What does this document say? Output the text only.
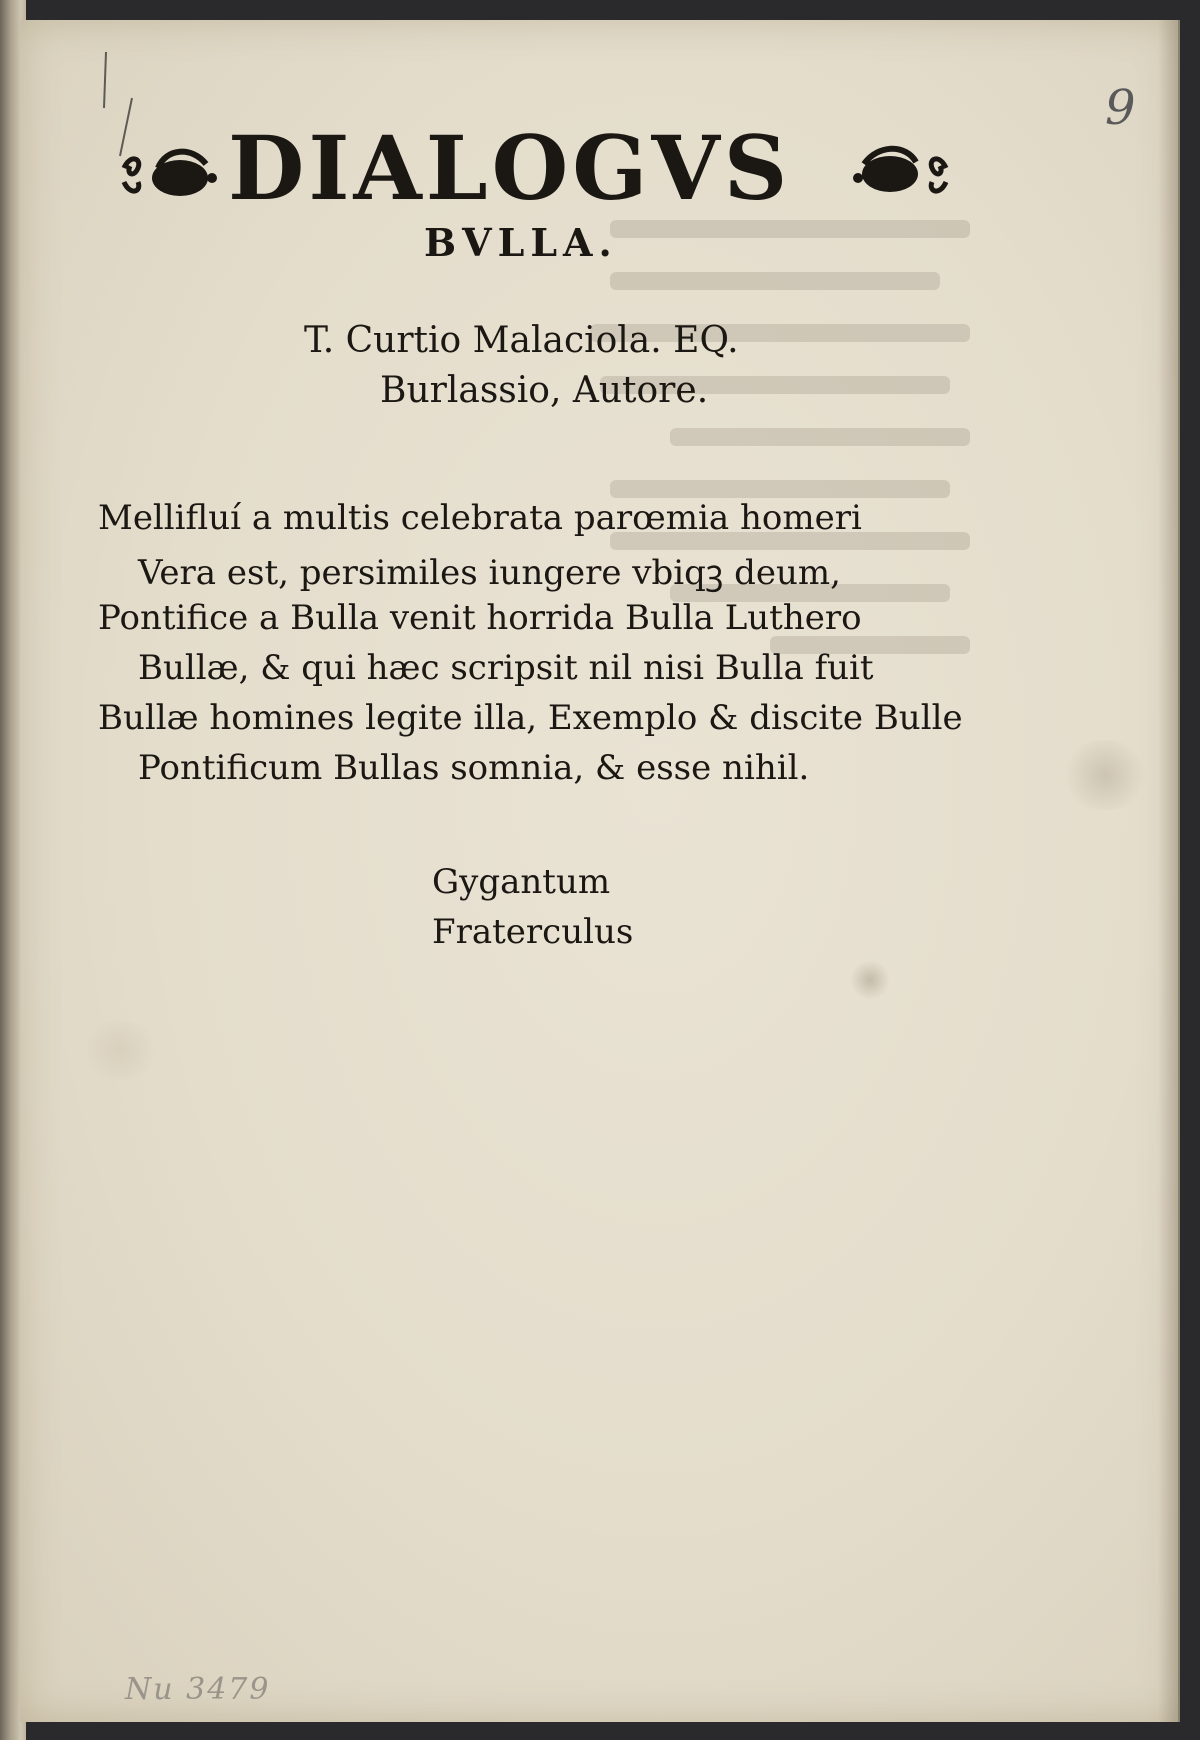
DIALOGVS
BVLLA.
T. Curtio Malaciola. EQ.
Burlassio, Autore.
Mellifluí a multis celebrata parœmia homeri
Vera est, persimiles iungere vbiqꝫ deum,
Pontifice a Bulla venit horrida Bulla Luthero
Bullæ, & qui hæc scripsit nil nisi Bulla fuit
Bullæ homines legite illa, Exemplo & discite Bulle
Pontificum Bullas somnia, & esse nihil.
Gygantum
Fraterculus
9
Nu 3479
